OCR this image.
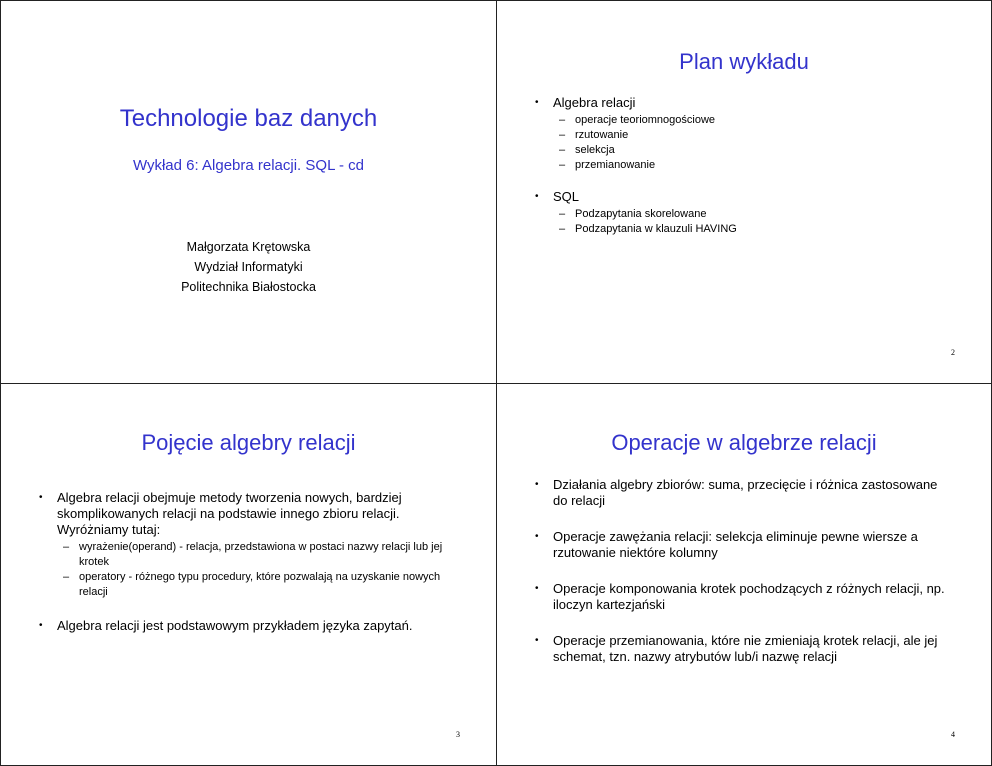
Technologie baz danych
Wykład 6: Algebra relacji. SQL - cd
Małgorzata Krętowska
Wydział Informatyki
Politechnika Białostocka
Plan wykładu
• Algebra relacji
– operacje teoriomnogościowe
– rzutowanie
– selekcja
– przemianowanie
• SQL
– Podzapytania skorelowane
– Podzapytania w klauzuli HAVING
2
Pojęcie algebry relacji
• Algebra relacji obejmuje metody tworzenia nowych, bardziej skomplikowanych relacji na podstawie innego zbioru relacji. Wyróżniamy tutaj:
– wyrażenie(operand) - relacja, przedstawiona w postaci nazwy relacji lub jej krotek
– operatory - różnego typu procedury, które pozwalają na uzyskanie nowych relacji
• Algebra relacji jest podstawowym przykładem języka zapytań.
3
Operacje w algebrze relacji
• Działania algebry zbiorów: suma, przecięcie i różnica zastosowane do relacji
• Operacje zawężania relacji: selekcja eliminuje pewne wiersze a rzutowanie niektóre kolumny
• Operacje komponowania krotek pochodzących z różnych relacji, np. iloczyn kartezjański
• Operacje przemianowania, które nie zmieniają krotek relacji, ale jej schemat, tzn. nazwy atrybutów lub/i nazwę relacji
4
